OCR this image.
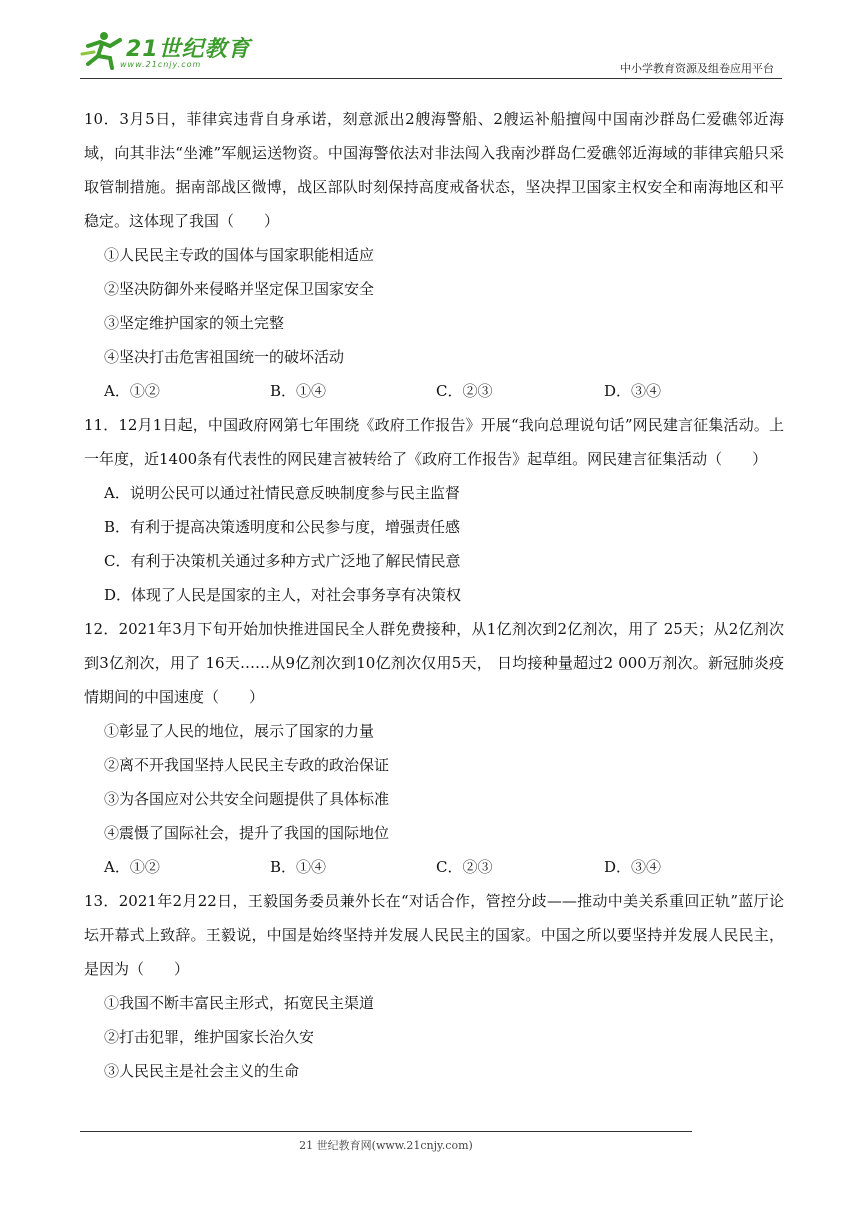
21世纪教育
www.21cnjy.com	中小学教育资源及组卷应用平台

10．3月5日，菲律宾违背自身承诺，刻意派出2艘海警船、2艘运补船擅闯中国南沙群岛仁爱礁邻近海域，向其非法“坐滩”军舰运送物资。中国海警依法对非法闯入我南沙群岛仁爱礁邻近海域的菲律宾船只采取管制措施。据南部战区微博，战区部队时刻保持高度戒备状态，坚决捍卫国家主权安全和南海地区和平稳定。这体现了我国（　　）

①人民民主专政的国体与国家职能相适应

②坚决防御外来侵略并坚定保卫国家安全

③坚定维护国家的领土完整

④坚决打击危害祖国统一的破坏活动

A．①②	B．①④	C．②③	D．③④

11．12月1日起，中国政府网第七年围绕《政府工作报告》开展“我向总理说句话”网民建言征集活动。上一年度，近1400条有代表性的网民建言被转给了《政府工作报告》起草组。网民建言征集活动（　　）

A．说明公民可以通过社情民意反映制度参与民主监督

B．有利于提高决策透明度和公民参与度，增强责任感

C．有利于决策机关通过多种方式广泛地了解民情民意

D．体现了人民是国家的主人，对社会事务享有决策权

12．2021年3月下旬开始加快推进国民全人群免费接种，从1亿剂次到2亿剂次，用了 25天；从2亿剂次到3亿剂次，用了 16天……从9亿剂次到10亿剂次仅用5天， 日均接种量超过2 000万剂次。新冠肺炎疫情期间的中国速度（　　）

①彰显了人民的地位，展示了国家的力量

②离不开我国坚持人民民主专政的政治保证

③为各国应对公共安全问题提供了具体标准

④震慑了国际社会，提升了我国的国际地位

A．①②	B．①④	C．②③	D．③④

13．2021年2月22日，王毅国务委员兼外长在“对话合作，管控分歧——推动中美关系重回正轨”蓝厅论坛开幕式上致辞。王毅说，中国是始终坚持并发展人民民主的国家。中国之所以要坚持并发展人民民主，是因为（　　）

①我国不断丰富民主形式，拓宽民主渠道

②打击犯罪，维护国家长治久安

③人民民主是社会主义的生命

21 世纪教育网(www.21cnjy.com)
